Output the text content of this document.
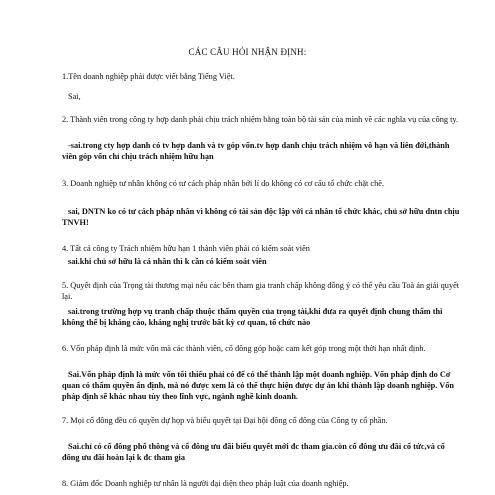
CÁC CÂU HỎI NHẬN ĐỊNH:

1.Tên doanh nghiệp phải được viết bằng Tiếng Việt.

Sai,

2. Thành viên trong công ty hợp danh phải chịu trách nhiệm bằng toàn bộ tài sản của mình về các nghĩa vụ của công ty.

-sai.trong cty hợp danh có tv hợp danh và tv góp vốn.tv hợp danh chịu trách nhiệm vô hạn và liên đới,thành viên góp vốn chỉ chịu trách nhiệm hữu hạn

3. Doanh nghiệp tư nhân không có tư cách pháp nhân bởi lí do không có cơ cấu tổ chức chặt chẽ.

sai, DNTN ko có tư cách pháp nhân vì không có tài sản độc lập với cá nhân tổ chức khác, chủ sở hữu dntn chịu TNVH!

4. Tất cả công ty Trách nhiệm hữu hạn 1 thành viên phải có kiểm soát viên

sai.khi chủ sở hữu là cá nhân thì k cần có kiểm soát viên

5. Quyết định của Trọng tài thương mại nếu các bên tham gia tranh chấp không đồng ý có thể yêu cầu Toà án giải quyết lại.

sai.trong trường hợp vụ tranh chấp thuộc thẩm quyền của trọng tài,khi đưa ra quyết định chung thẩm thì không thể bị kháng cáo, kháng nghị trước bất kỳ cơ quan, tổ chức nào

6. Vốn pháp định là mức vốn mà các thành viên, cổ đông góp hoặc cam kết góp trong một thời hạn nhất định.

Sai.Vốn pháp định là mức vốn tối thiểu phải có để có thể thành lập một doanh nghiệp. Vốn pháp định do Cơ quan có thẩm quyền ấn định, mà nó được xem là có thể thực hiện được dự án khi thành lập doanh nghiệp. Vốn pháp định sẽ khác nhau tùy theo lĩnh vực, ngành nghề kinh doanh.

7. Mọi cổ đông đều có quyền dự họp và biểu quyết tại Đại hội đồng cổ đông của Công ty cổ phần.

Sai.chỉ có cổ đông phổ thông và cổ đông ưu đãi biểu quyết mới đc tham gia.còn cổ đông ưu đãi cổ tức,và cổ đông ưu đãi hoàn lại k đc tham gia

8. Giám đốc Doanh nghiệp tư nhân là người đại diện theo pháp luật của doanh nghiệp.
